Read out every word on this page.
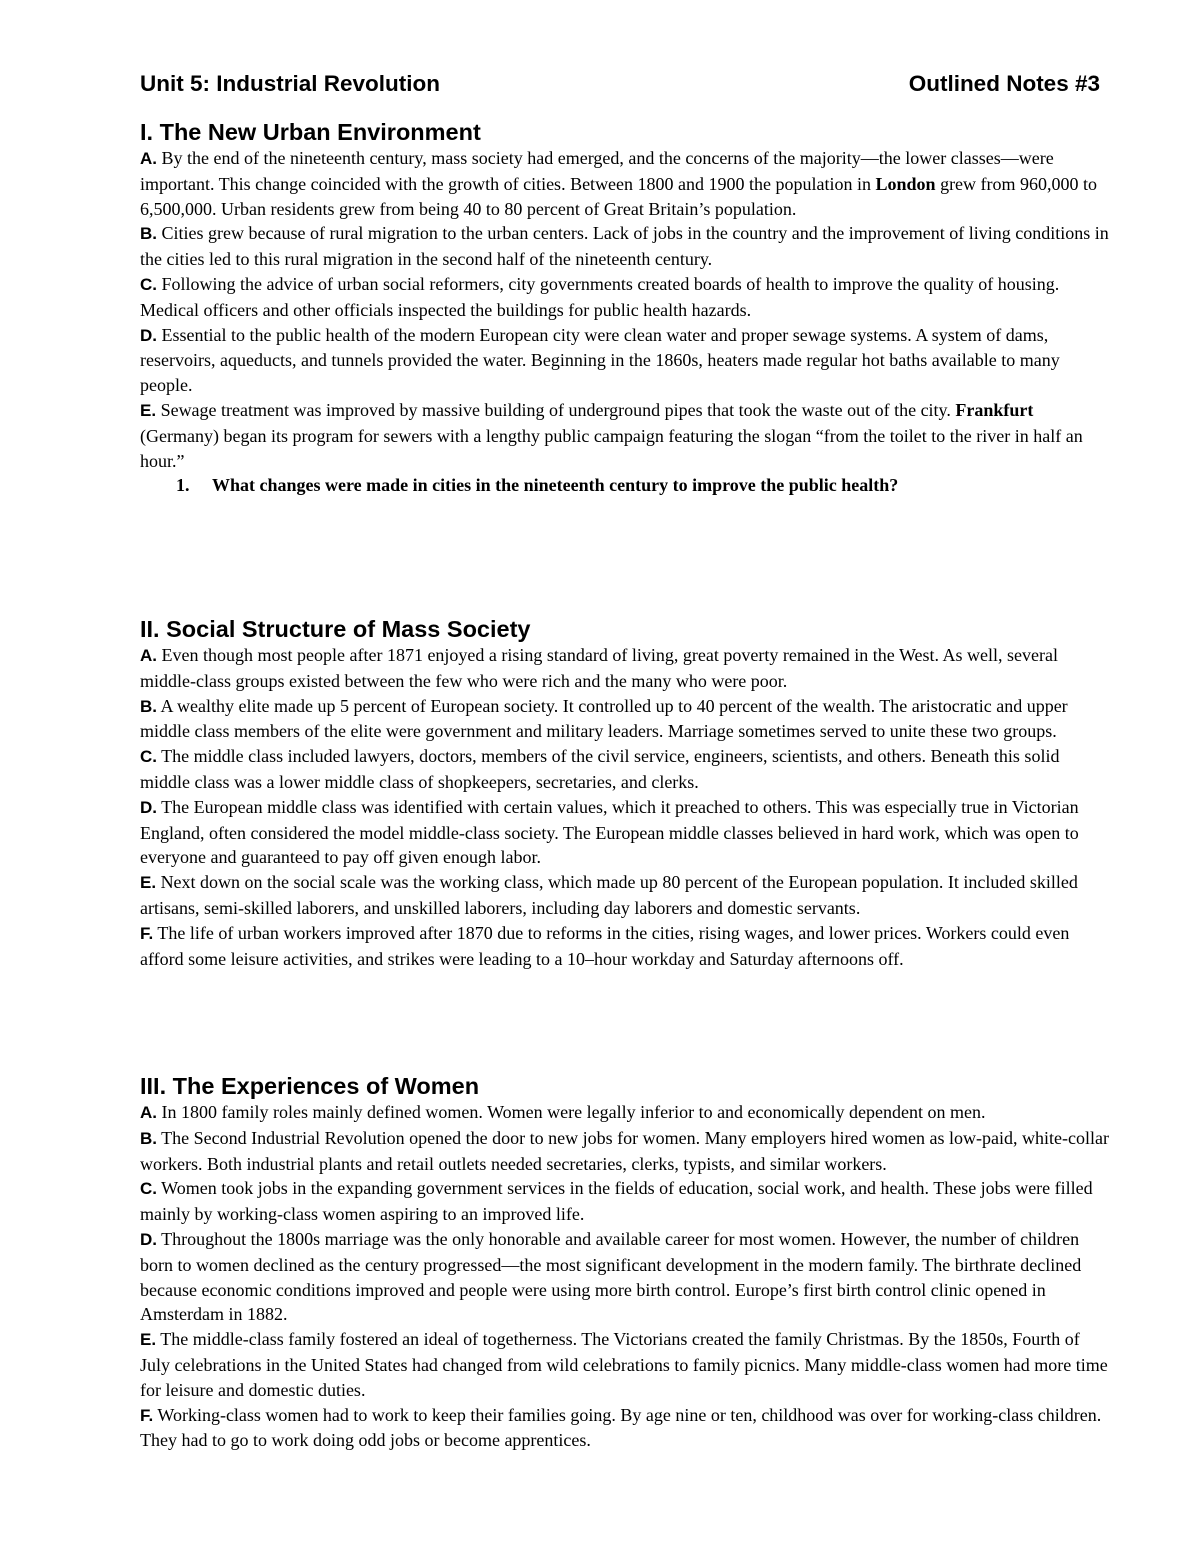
Unit 5: Industrial Revolution	Outlined Notes #3
I. The New Urban Environment

A. By the end of the nineteenth century, mass society had emerged, and the concerns of the majority—the lower classes—were important. This change coincided with the growth of cities. Between 1800 and 1900 the population in London grew from 960,000 to 6,500,000. Urban residents grew from being 40 to 80 percent of Great Britain’s population.

B. Cities grew because of rural migration to the urban centers. Lack of jobs in the country and the improvement of living conditions in the cities led to this rural migration in the second half of the nineteenth century.

C. Following the advice of urban social reformers, city governments created boards of health to improve the quality of housing. Medical officers and other officials inspected the buildings for public health hazards.

D. Essential to the public health of the modern European city were clean water and proper sewage systems. A system of dams, reservoirs, aqueducts, and tunnels provided the water. Beginning in the 1860s, heaters made regular hot baths available to many people.

E. Sewage treatment was improved by massive building of underground pipes that took the waste out of the city. Frankfurt (Germany) began its program for sewers with a lengthy public campaign featuring the slogan “from the toilet to the river in half an hour.”

1.	What changes were made in cities in the nineteenth century to improve the public health?
II. Social Structure of Mass Society

A. Even though most people after 1871 enjoyed a rising standard of living, great poverty remained in the West. As well, several middle-class groups existed between the few who were rich and the many who were poor.

B. A wealthy elite made up 5 percent of European society. It controlled up to 40 percent of the wealth. The aristocratic and upper middle class members of the elite were government and military leaders. Marriage sometimes served to unite these two groups.

C. The middle class included lawyers, doctors, members of the civil service, engineers, scientists, and others. Beneath this solid middle class was a lower middle class of shopkeepers, secretaries, and clerks.

D. The European middle class was identified with certain values, which it preached to others. This was especially true in Victorian England, often considered the model middle-class society. The European middle classes believed in hard work, which was open to everyone and guaranteed to pay off given enough labor.

E. Next down on the social scale was the working class, which made up 80 percent of the European population. It included skilled artisans, semi-skilled laborers, and unskilled laborers, including day laborers and domestic servants.

F. The life of urban workers improved after 1870 due to reforms in the cities, rising wages, and lower prices. Workers could even afford some leisure activities, and strikes were leading to a 10–hour workday and Saturday afternoons off.

III. The Experiences of Women

A. In 1800 family roles mainly defined women. Women were legally inferior to and economically dependent on men.

B. The Second Industrial Revolution opened the door to new jobs for women. Many employers hired women as low-paid, white-collar workers. Both industrial plants and retail outlets needed secretaries, clerks, typists, and similar workers.

C. Women took jobs in the expanding government services in the fields of education, social work, and health. These jobs were filled mainly by working-class women aspiring to an improved life.

D. Throughout the 1800s marriage was the only honorable and available career for most women. However, the number of children born to women declined as the century progressed—the most significant development in the modern family. The birthrate declined because economic conditions improved and people were using more birth control. Europe’s first birth control clinic opened in Amsterdam in 1882.

E. The middle-class family fostered an ideal of togetherness. The Victorians created the family Christmas. By the 1850s, Fourth of July celebrations in the United States had changed from wild celebrations to family picnics. Many middle-class women had more time for leisure and domestic duties.

F. Working-class women had to work to keep their families going. By age nine or ten, childhood was over for working-class children. They had to go to work doing odd jobs or become apprentices.
